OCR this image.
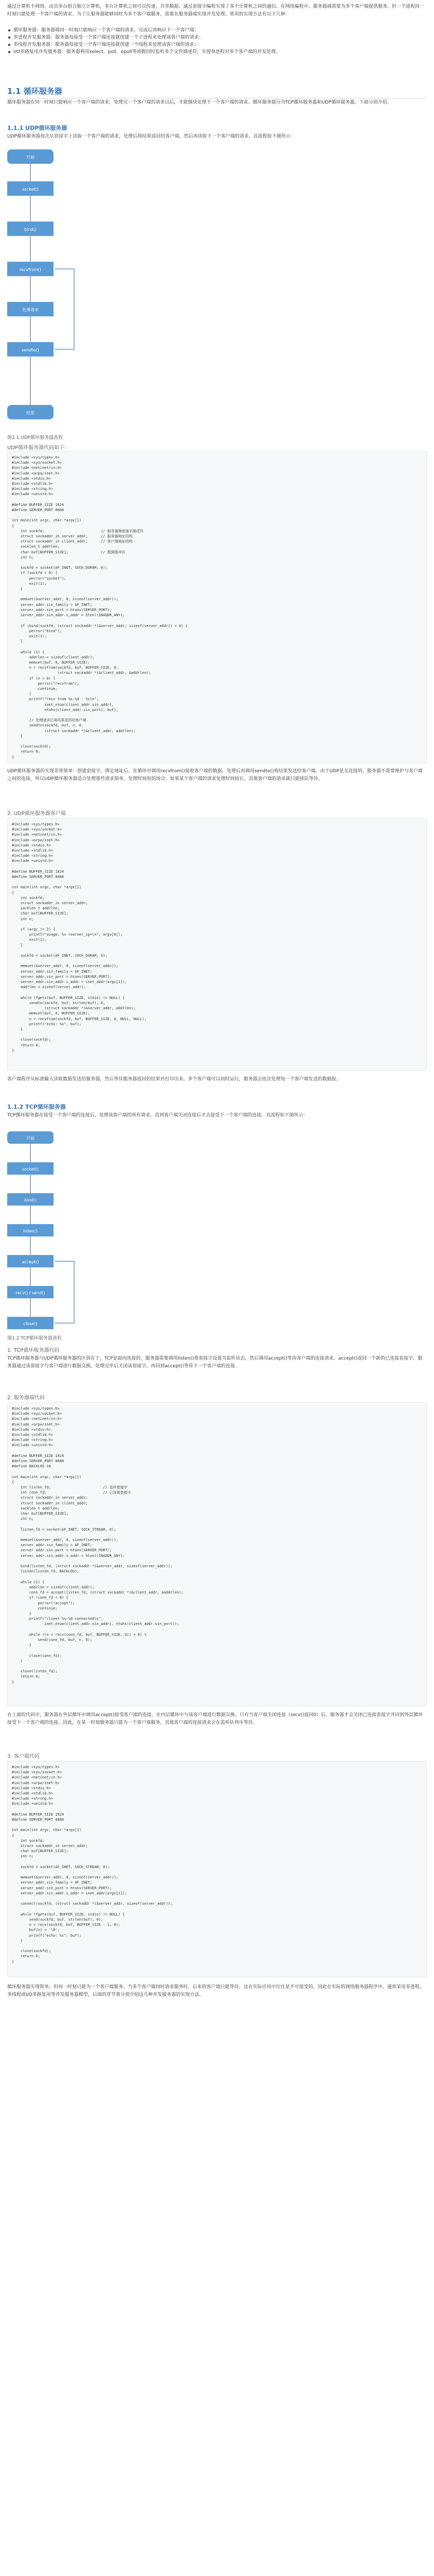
通过计算机卡网络，由其多台组合独立计算机，多台计算机之间可以传递、共享数据，通过套接字编程实现了各个计算机之间的通信。在网络编程中，服务器端需要为多个客户端提供服务，但一个进程同一时刻只能处理一个客户端的请求。为了让服务器能够同时为多个客户端服务，需要在服务器端实现并发处理。常用的实现方法有以下几种：

循环服务器：服务器端同一时刻只能响应一个客户端的请求，完成后再响应下一个客户端；
多进程并发服务器：服务器每接受一个客户端连接就创建一个子进程来处理该客户端的请求；
多线程并发服务器：服务器每接受一个客户端连接就创建一个线程来处理该客户端的请求；
I/O多路复用并发服务器：服务器利用select、poll、epoll等函数同时监听多个文件描述符，实现单进程对多个客户端的并发处理。
1.1 循环服务器

循环服务器在同一时刻只能响应一个客户端的请求，处理完一个客户端的请求以后，才能继续处理下一个客户端的请求。循环服务器分为TCP循环服务器和UDP循环服务器，下面分别介绍。

1.1.1 UDP循环服务器

UDP循环服务器每次从套接字上读取一个客户端的请求，处理后将结果返回给客户端，然后再读取下一个客户端的请求。其流程如下图所示：

开始
socket()
bind()
recvfrom()
处理请求
sendto()
结束

图1.1 UDP循环服务器流程

UDP循环服务器代码如下：

#include <sys/types.h>
#include <sys/socket.h>
#include <netinet/in.h>
#include <arpa/inet.h>
#include <stdio.h>
#include <stdlib.h>
#include <string.h>
#include <unistd.h>

#define BUFFER_SIZE 1024
#define SERVER_PORT 8888

int main(int argc, char *argv[])
{
int sockfd;                          // 服务器端套接字描述符
struct sockaddr_in server_addr;      // 服务器地址结构
struct sockaddr_in client_addr;      // 客户端地址结构
socklen_t addrlen;
char buf[BUFFER_SIZE];               // 数据缓冲区
int n;

sockfd = socket(AF_INET, SOCK_DGRAM, 0);
if (sockfd < 0) {
perror("socket");
exit(1);
}

memset(&server_addr, 0, sizeof(server_addr));
server_addr.sin_family = AF_INET;
server_addr.sin_port = htons(SERVER_PORT);
server_addr.sin_addr.s_addr = htonl(INADDR_ANY);

if (bind(sockfd, (struct sockaddr *)&server_addr, sizeof(server_addr)) < 0) {
perror("bind");
exit(1);
}

while (1) {
addrlen = sizeof(client_addr);
memset(buf, 0, BUFFER_SIZE);
n = recvfrom(sockfd, buf, BUFFER_SIZE, 0,
(struct sockaddr *)&client_addr, &addrlen);
if (n < 0) {
perror("recvfrom");
continue;
}
printf("recv from %s:%d : %s\n",
inet_ntoa(client_addr.sin_addr),
ntohs(client_addr.sin_port), buf);

// 处理请求后将结果返回给客户端
sendto(sockfd, buf, n, 0,
(struct sockaddr *)&client_addr, addrlen);
}

close(sockfd);
return 0;
}

UDP循环服务器的实现非常简单：创建套接字、绑定地址后，在循环中调用recvfrom()接收客户端的数据，处理后再调用sendto()将结果发送给客户端。由于UDP是无连接的，服务器不需要维护与客户端之间的连接，所以UDP循环服务器适合处理那些请求简单、处理时间短的场合。如果某个客户端的请求处理时间较长，其他客户端的请求就只能排队等待。

2. UDP循环服务器客户端

#include <sys/types.h>
#include <sys/socket.h>
#include <netinet/in.h>
#include <arpa/inet.h>
#include <stdio.h>
#include <stdlib.h>
#include <string.h>
#include <unistd.h>

#define BUFFER_SIZE 1024
#define SERVER_PORT 8888

int main(int argc, char *argv[])
{
int sockfd;
struct sockaddr_in server_addr;
socklen_t addrlen;
char buf[BUFFER_SIZE];
int n;

if (argc != 2) {
printf("usage: %s <server_ip>\n", argv[0]);
exit(1);
}

sockfd = socket(AF_INET, SOCK_DGRAM, 0);

memset(&server_addr, 0, sizeof(server_addr));
server_addr.sin_family = AF_INET;
server_addr.sin_port = htons(SERVER_PORT);
server_addr.sin_addr.s_addr = inet_addr(argv[1]);
addrlen = sizeof(server_addr);

while (fgets(buf, BUFFER_SIZE, stdin) != NULL) {
sendto(sockfd, buf, strlen(buf), 0,
(struct sockaddr *)&server_addr, addrlen);
memset(buf, 0, BUFFER_SIZE);
n = recvfrom(sockfd, buf, BUFFER_SIZE, 0, NULL, NULL);
printf("echo: %s", buf);
}

close(sockfd);
return 0;
}

客户端程序从标准输入读取数据发送给服务器，然后等待服务器返回的结果并打印出来。多个客户端可以同时运行，服务器会依次处理每一个客户端发送的数据报。

1.1.2 TCP循环服务器

TCP循环服务器在接受一个客户端的连接后，处理该客户端的所有请求，直到客户端关闭连接后才去接受下一个客户端的连接。其流程如下图所示：

开始
socket()
bind()
listen()
accept()
recv() / send()
close()

图1.2 TCP循环服务器流程

1. TCP循环服务器代码

TCP循环服务器与UDP循环服务器的区别在于，TCP是面向连接的，服务器需要调用listen()将套接字设置为监听状态，然后调用accept()等待客户端的连接请求。accept()返回一个新的已连接套接字，服务器通过该套接字与客户端进行数据交换，处理完毕后关闭该套接字，再回到accept()等待下一个客户端的连接。

2. 服务器端代码

#include <sys/types.h>
#include <sys/socket.h>
#include <netinet/in.h>
#include <arpa/inet.h>
#include <stdio.h>
#include <stdlib.h>
#include <string.h>
#include <unistd.h>

#define BUFFER_SIZE 1024
#define SERVER_PORT 8888
#define BACKLOG 10

int main(int argc, char *argv[])
{
int listen_fd;                        // 监听套接字
int conn_fd;                          // 已连接套接字
struct sockaddr_in server_addr;
struct sockaddr_in client_addr;
socklen_t addrlen;
char buf[BUFFER_SIZE];
int n;

listen_fd = socket(AF_INET, SOCK_STREAM, 0);

memset(&server_addr, 0, sizeof(server_addr));
server_addr.sin_family = AF_INET;
server_addr.sin_port = htons(SERVER_PORT);
server_addr.sin_addr.s_addr = htonl(INADDR_ANY);

bind(listen_fd, (struct sockaddr *)&server_addr, sizeof(server_addr));
listen(listen_fd, BACKLOG);

while (1) {
addrlen = sizeof(client_addr);
conn_fd = accept(listen_fd, (struct sockaddr *)&client_addr, &addrlen);
if (conn_fd < 0) {
perror("accept");
continue;
}
printf("client %s:%d connected\n",
inet_ntoa(client_addr.sin_addr), ntohs(client_addr.sin_port));

while ((n = recv(conn_fd, buf, BUFFER_SIZE, 0)) > 0) {
send(conn_fd, buf, n, 0);
}

close(conn_fd);
}

close(listen_fd);
return 0;
}

在上面的代码中，服务器在外层循环中调用accept()接受客户端的连接，在内层循环中与该客户端进行数据交换。只有当客户端关闭连接（recv()返回0）后，服务器才会关闭已连接套接字并回到外层循环接受下一个客户端的连接。因此，在某一时刻服务器只能为一个客户端服务，其他客户端的连接请求会在监听队列中等待。

3. 客户端代码

#include <sys/types.h>
#include <sys/socket.h>
#include <netinet/in.h>
#include <arpa/inet.h>
#include <stdio.h>
#include <stdlib.h>
#include <string.h>
#include <unistd.h>

#define BUFFER_SIZE 1024
#define SERVER_PORT 8888

int main(int argc, char *argv[])
{
int sockfd;
struct sockaddr_in server_addr;
char buf[BUFFER_SIZE];
int n;

sockfd = socket(AF_INET, SOCK_STREAM, 0);

memset(&server_addr, 0, sizeof(server_addr));
server_addr.sin_family = AF_INET;
server_addr.sin_port = htons(SERVER_PORT);
server_addr.sin_addr.s_addr = inet_addr(argv[1]);

connect(sockfd, (struct sockaddr *)&server_addr, sizeof(server_addr));

while (fgets(buf, BUFFER_SIZE, stdin) != NULL) {
send(sockfd, buf, strlen(buf), 0);
n = recv(sockfd, buf, BUFFER_SIZE - 1, 0);
buf[n] = '\0';
printf("echo: %s", buf);
}

close(sockfd);
return 0;
}

循环服务器实现简单，但同一时刻只能为一个客户端服务。当多个客户端同时请求服务时，后来的客户端只能等待，这在实际应用中往往是不可接受的。因此在实际的网络服务器程序中，通常采用多进程、多线程或I/O多路复用等并发服务器模型，后面的章节将分别介绍这几种并发服务器的实现方法。
